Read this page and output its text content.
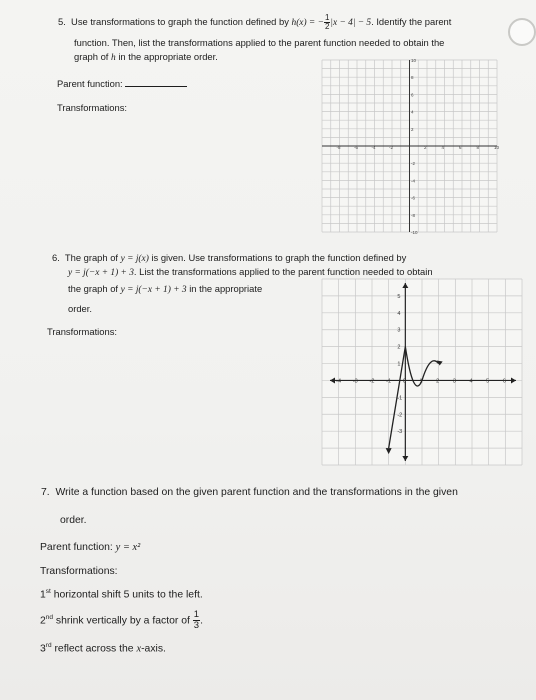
5. Use transformations to graph the function defined by h(x) = − $\frac{1}{2} |x - 4| - 5$. Identify the parent
function. Then, list the transformations applied to the parent function needed to obtain the
graph of h in the appropriate order.
Parent function:
Transformations:
-8	-6	-4	-2	2	4	6	8	10
10
8
6
4
2
-2
-4
-6
-8
-10
6. The graph of y = j(x) is given. Use transformations to graph the function defined by
y = j(−x + 1) + 3. List the transformations applied to the parent function needed to obtain
the graph of y = j(−x + 1) + 3 in the appropriate
order.
Transformations:
-4 -3 -2 -1 0 1 2 3 4 5 6
5
4
3
2
1
-1
-2
-3
7. Write a function based on the given parent function and the transformations in the given
order.
Parent function: y = x²
Transformations:
1st horizontal shift 5 units to the left.
2nd shrink vertically by a factor of $\frac{1}{3}$ .
3rd reflect across the x-axis.
